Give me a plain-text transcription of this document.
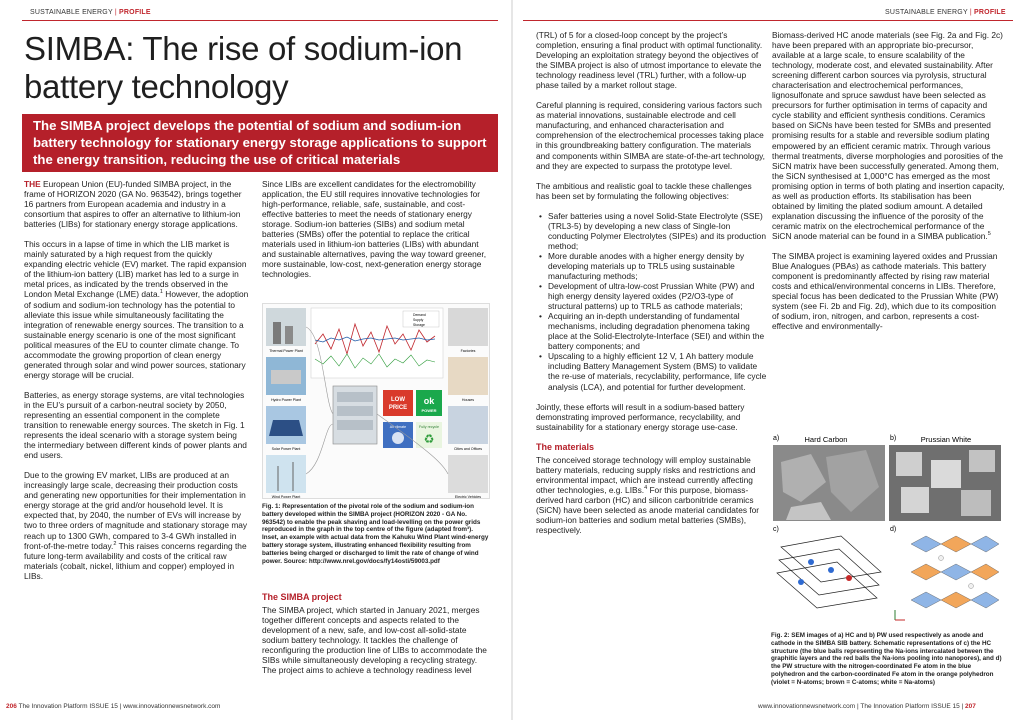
SUSTAINABLE ENERGY | PROFILE
SIMBA: The rise of sodium-ion battery technology
The SIMBA project develops the potential of sodium and sodium-ion battery technology for stationary energy storage applications to support the energy transition, reducing the use of critical materials

THE European Union (EU)-funded SIMBA project, in the frame of HORIZON 2020 (GA No. 963542), brings together 16 partners from European academia and industry in a consortium that aspires to offer an alternative to lithium-ion batteries (LIBs) for stationary energy storage applications.

This occurs in a lapse of time in which the LIB market is mainly saturated by a high request from the quickly expanding electric vehicle (EV) market. The rapid expansion of the lithium-ion battery (LIB) market has led to a surge in metal prices, as indicated by the trends observed in the London Metal Exchange (LME) data.$^1$ However, the adoption of sodium and sodium-ion technology has the potential to alleviate this issue while simultaneously facilitating the integration of renewable energy sources. The transition to a sustainable energy scenario is one of the most significant political measures of the EU to counter climate change. To accommodate the growing proportion of clean energy generated through solar and wind power sources, stationary energy storage will be crucial.

Batteries, as energy storage systems, are vital technologies in the EU’s pursuit of a carbon-neutral society by 2050, representing an essential component in the complete transition to renewable energy sources. The sketch in Fig. 1 represents the ideal scenario with a storage system being the intermediary between different kinds of power plants and end users.

Due to the growing EV market, LIBs are produced at an increasingly large scale, decreasing their production costs and generating new opportunities for their implementation in energy storage at the grid and/or household level. It is expected that, by 2040, the number of EVs will increase by two to three orders of magnitude and stationary storage may reach up to 1300 GWh, compared to 3-4 GWh installed in front-of-the-metre today.$^2$ This raises concerns regarding the future long-term availability and costs of the critical raw materials (cobalt, nickel, lithium and copper) employed in LIBs.

Since LIBs are excellent candidates for the electromobility application, the EU still requires innovative technologies for high-performance, reliable, safe, sustainable, and cost-effective batteries to meet the needs of stationary energy storage. Sodium-ion batteries (SIBs) and sodium metal batteries (SMBs) offer the potential to replace the critical materials used in lithium-ion batteries (LIBs) with abundant and sustainable alternatives, paving the way toward greener, more sustainable, low-cost, next-generation energy storage technologies.

Thermal Power Plant
Hydro Power Plant
Solar Power Plant
Wind Power Plant
Demand
Supply
Storage
LOW
PRICE
ok
POWER
All climate	Fully recycle
♻
Factories
Houses
Cities and Offices
Electric Vehicles
Fig. 1: Representation of the pivotal role of the sodium and sodium-ion battery developed within the SIMBA project (HORIZON 2020 - GA No. 963542) to enable the peak shaving and load-levelling on the power grids reproduced in the graph in the top centre of the figure (adapted from³). Inset, an example with actual data from the Kahuku Wind Plant wind-energy battery storage system, illustrating enhanced flexibility resulting from batteries being charged or discharged to limit the rate of change of wind power. Source: http://www.nrel.gov/docs/fy14osti/59003.pdf
The SIMBA project

The SIMBA project, which started in January 2021, merges together different concepts and aspects related to the development of a new, safe, and low-cost all-solid-state sodium battery technology. It tackles the challenge of reconfiguring the production line of LIBs to accommodate the SIBs while simultaneously developing a recycling strategy. The project aims to achieve a technology readiness level

206 The Innovation Platform ISSUE 15 | www.innovationnewsnetwork.com
SUSTAINABLE ENERGY | PROFILE

(TRL) of 5 for a closed-loop concept by the project’s completion, ensuring a final product with optimal functionality. Developing an exploitation strategy beyond the objectives of the SIMBA project is also of utmost importance to elevate the technology readiness level (TRL) further, with a follow-up phase tailed by a market rollout stage.

Careful planning is required, considering various factors such as material innovations, sustainable electrode and cell manufacturing, and enhanced characterisation and comprehension of the electrochemical processes taking place in this groundbreaking battery configuration. The materials and components within SIMBA are state-of-the-art technology, and they are expected to surpass the prototype level.

The ambitious and realistic goal to tackle these challenges has been set by formulating the following objectives:

• Safer batteries using a novel Solid-State Electrolyte (SSE) (TRL3-5) by developing a new class of Single-Ion conducting Polymer Electrolytes (SIPEs) and its production method;
• More durable anodes with a higher energy density by developing materials up to TRL5 using sustainable manufacturing methods;
• Development of ultra-low-cost Prussian White (PW) and high energy density layered oxides (P2/O3-type of structural patterns) up to TRL5 as cathode materials;
• Acquiring an in-depth understanding of fundamental mechanisms, including degradation phenomena taking place at the Solid-Electrolyte-Interface (SEI) and within the battery components; and
• Upscaling to a highly efficient 12 V, 1 Ah battery module including Battery Management System (BMS) to validate the re-use of materials, recyclability, performance, life cycle analysis (LCA), and potential for further development.

Jointly, these efforts will result in a sodium-based battery demonstrating improved performance, recyclability, and sustainability for a stationary energy storage use-case.

The materials

The conceived storage technology will employ sustainable battery materials, reducing supply risks and restrictions and environmental impact, which are instead currently affecting other technologies, e.g. LIBs.$^4$ For this purpose, biomass-derived hard carbon (HC) and silicon carbonitride ceramics (SiCN) have been selected as anode material candidates for sodium-ion batteries and sodium metal batteries (SMBs), respectively.

Biomass-derived HC anode materials (see Fig. 2a and Fig. 2c) have been prepared with an appropriate bio-precursor, available at a large scale, to ensure scalability of the technology, moderate cost, and elevated sustainability. After screening different carbon sources via pyrolysis, structural characterisation and electrochemical performances, lignosulfonate and spruce sawdust have been selected as precursors for further optimisation in terms of capacity and cycle stability and efficient synthesis conditions. Ceramics based on SiCNs have been tested for SMBs and presented promising results for a stable and reversible sodium plating empowered by an efficient ceramic matrix. Through various thermal treatments, diverse morphologies and porosities of the SiCN matrix have been successfully generated. Among them, the SiCN synthesised at 1,000°C has emerged as the most promising option in terms of both plating and insertion capacity, as well as production efforts. Its stabilisation has been obtained by limiting the plated sodium amount. A detailed explanation discussing the influence of the porosity of the ceramic matrix on the electrochemical performance of the SiCN anode material can be found in a SIMBA publication.$^5$

The SIMBA project is examining layered oxides and Prussian Blue Analogues (PBAs) as cathode materials. This battery component is predominantly affected by rising raw material costs and ethical/environmental concerns in LIBs. Therefore, special focus has been dedicated to the Prussian White (PW) system (see Fi. 2b and Fig. 2d), which due to its composition of sodium, iron, nitrogen, and carbon, represents a cost-effective and environmentally-

www.innovationnewsnetwork.com | The Innovation Platform ISSUE 15 | 207
a)	Hard Carbon	b)	Prussian White
c)	d)
Fig. 2: SEM images of a) HC and b) PW used respectively as anode and cathode in the SIMBA SIB battery. Schematic representations of c) the HC structure (the blue balls representing the Na-ions intercalated between the graphitic layers and the red balls the Na-ions pooling into nanopores), and d) the PW structure with the nitrogen-coordinated Fe atom in the blue polyhedron and the carbon-coordinated Fe atom in the orange polyhedron (violet = N-atoms; brown = C-atoms; white = Na-atoms)
